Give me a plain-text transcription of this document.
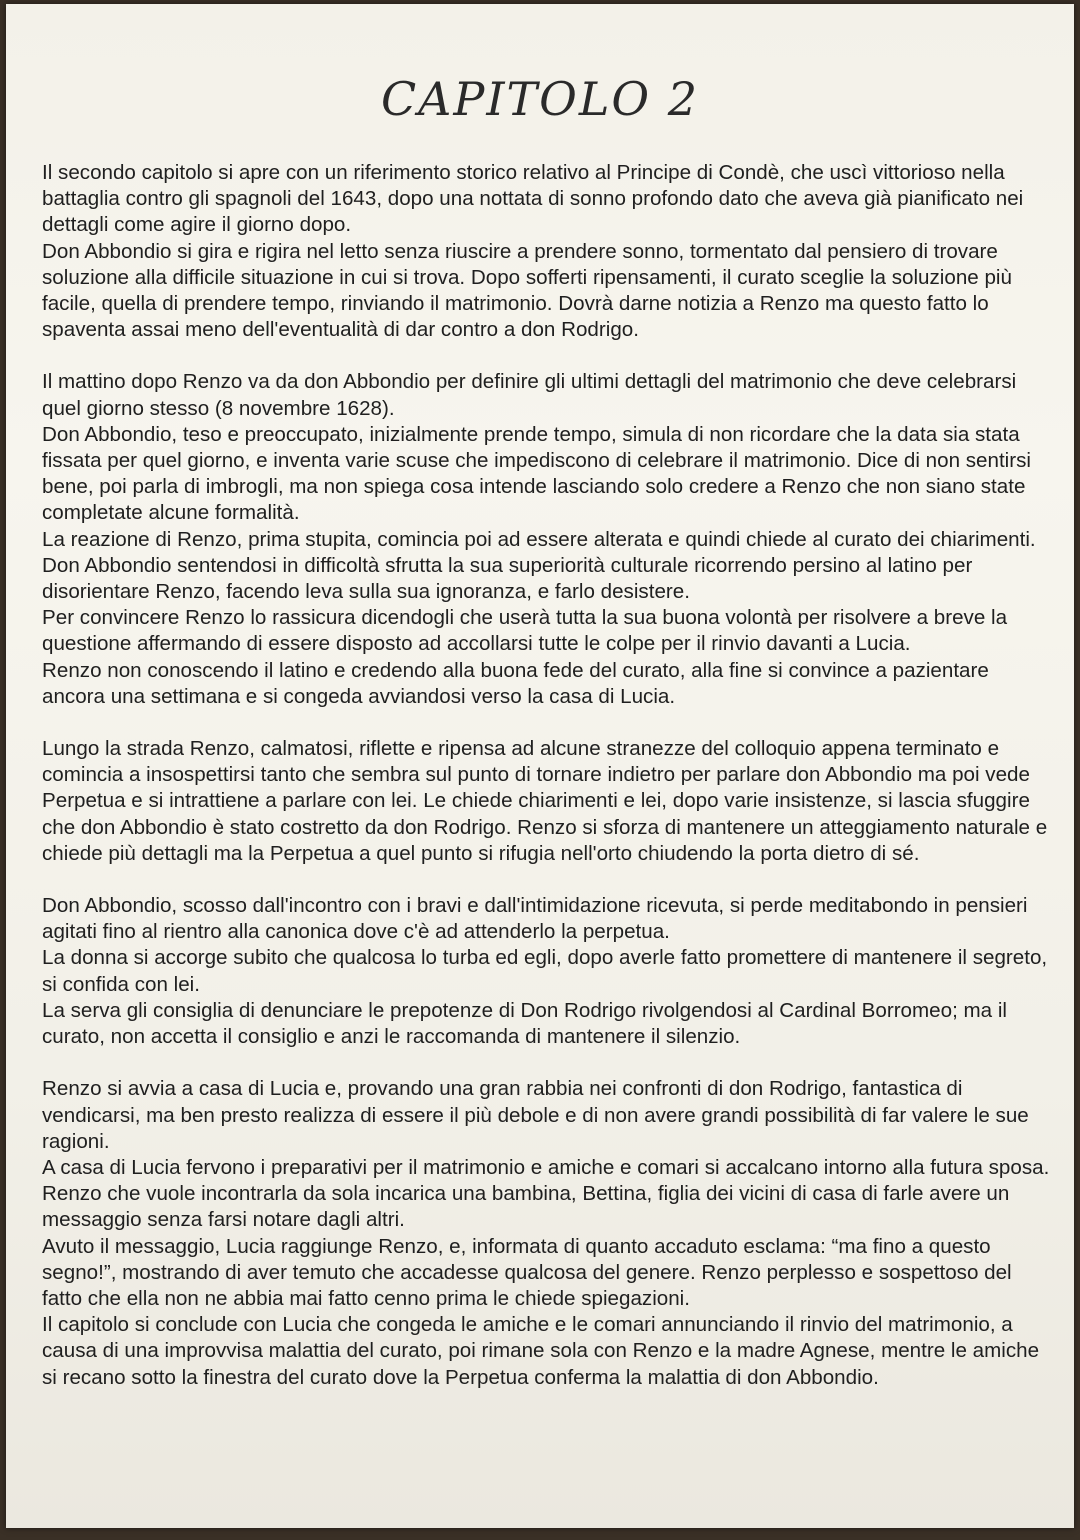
CAPITOLO 2

Il secondo capitolo si apre con un riferimento storico relativo al Principe di Condè, che uscì vittorioso nella battaglia contro gli spagnoli del 1643, dopo una nottata di sonno profondo dato che aveva già pianificato nei dettagli come agire il giorno dopo.

Don Abbondio si gira e rigira nel letto senza riuscire a prendere sonno, tormentato dal pensiero di trovare soluzione alla difficile situazione in cui si trova. Dopo sofferti ripensamenti, il curato sceglie la soluzione più facile, quella di prendere tempo, rinviando il matrimonio. Dovrà darne notizia a Renzo ma questo fatto lo spaventa assai meno dell'eventualità di dar contro a don Rodrigo.

Il mattino dopo Renzo va da don Abbondio per definire gli ultimi dettagli del matrimonio che deve celebrarsi quel giorno stesso (8 novembre 1628).

Don Abbondio, teso e preoccupato, inizialmente prende tempo, simula di non ricordare che la data sia stata fissata per quel giorno, e inventa varie scuse che impediscono di celebrare il matrimonio. Dice di non sentirsi bene, poi parla di imbrogli, ma non spiega cosa intende lasciando solo credere a Renzo che non siano state completate alcune formalità.

La reazione di Renzo, prima stupita, comincia poi ad essere alterata e quindi chiede al curato dei chiarimenti. Don Abbondio sentendosi in difficoltà sfrutta la sua superiorità culturale ricorrendo persino al latino per disorientare Renzo, facendo leva sulla sua ignoranza, e farlo desistere.

Per convincere Renzo lo rassicura dicendogli che userà tutta la sua buona volontà per risolvere a breve la questione affermando di essere disposto ad accollarsi tutte le colpe per il rinvio davanti a Lucia.

Renzo non conoscendo il latino e credendo alla buona fede del curato, alla fine si convince a pazientare ancora una settimana e si congeda avviandosi verso la casa di Lucia.

Lungo la strada Renzo, calmatosi, riflette e ripensa ad alcune stranezze del colloquio appena terminato e comincia a insospettirsi tanto che sembra sul punto di tornare indietro per parlare don Abbondio ma poi vede Perpetua e si intrattiene a parlare con lei. Le chiede chiarimenti e lei, dopo varie insistenze, si lascia sfuggire che don Abbondio è stato costretto da don Rodrigo. Renzo si sforza di mantenere un atteggiamento naturale e chiede più dettagli ma la Perpetua a quel punto si rifugia nell'orto chiudendo la porta dietro di sé.

Don Abbondio, scosso dall'incontro con i bravi e dall'intimidazione ricevuta, si perde meditabondo in pensieri agitati fino al rientro alla canonica dove c'è ad attenderlo la perpetua.

La donna si accorge subito che qualcosa lo turba ed egli, dopo averle fatto promettere di mantenere il segreto, si confida con lei.

La serva gli consiglia di denunciare le prepotenze di Don Rodrigo rivolgendosi al Cardinal Borromeo; ma il curato, non accetta il consiglio e anzi le raccomanda di mantenere il silenzio.

Renzo si avvia a casa di Lucia e, provando una gran rabbia nei confronti di don Rodrigo, fantastica di vendicarsi, ma ben presto realizza di essere il più debole e di non avere grandi possibilità di far valere le sue ragioni.

A casa di Lucia fervono i preparativi per il matrimonio e amiche e comari si accalcano intorno alla futura sposa. Renzo che vuole incontrarla da sola incarica una bambina, Bettina, figlia dei vicini di casa di farle avere un messaggio senza farsi notare dagli altri.

Avuto il messaggio, Lucia raggiunge Renzo, e, informata di quanto accaduto esclama: “ma fino a questo segno!”, mostrando di aver temuto che accadesse qualcosa del genere. Renzo perplesso e sospettoso del fatto che ella non ne abbia mai fatto cenno prima le chiede spiegazioni.

Il capitolo si conclude con Lucia che congeda le amiche e le comari annunciando il rinvio del matrimonio, a causa di una improvvisa malattia del curato, poi rimane sola con Renzo e la madre Agnese, mentre le amiche si recano sotto la finestra del curato dove la Perpetua conferma la malattia di don Abbondio.
